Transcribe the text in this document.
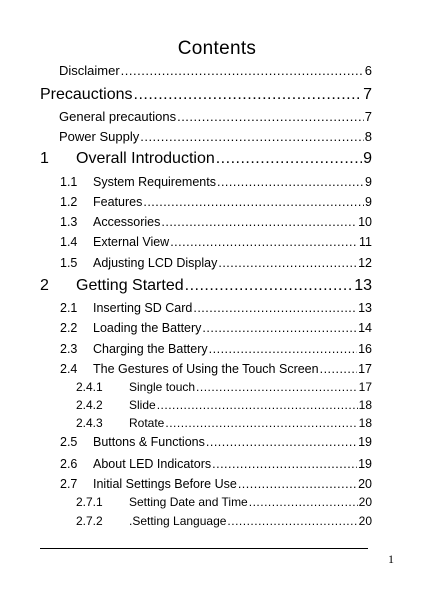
Contents
Disclaimer .....	6
Precauctions .....	7
General precautions .....	7
Power Supply .....	8
1	Overall Introduction .....	9
1.1	System Requirements .....	9
1.2	Features .....	9
1.3	Accessories .....	10
1.4	External View .....	11
1.5	Adjusting LCD Display .....	12
2	Getting Started .....	13
2.1	Inserting SD Card .....	13
2.2	Loading the Battery .....	14
2.3	Charging the Battery .....	16
2.4	The Gestures of Using the Touch Screen .....	17
2.4.1	Single touch .....	17
2.4.2	Slide .....	18
2.4.3	Rotate .....	18
2.5	Buttons & Functions .....	19
2.6	About LED Indicators .....	19
2.7	Initial Settings Before Use .....	20
2.7.1	Setting Date and Time .....	20
2.7.2	.Setting Language .....	20
1
